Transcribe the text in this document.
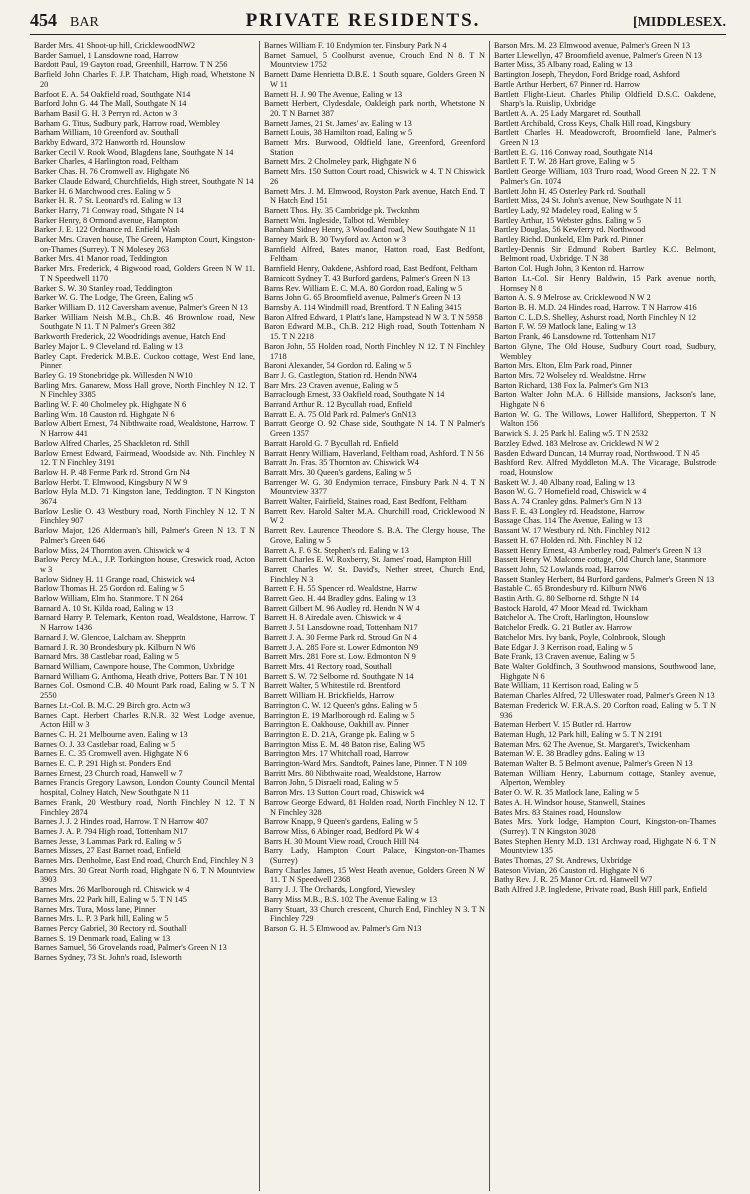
454 BAR	PRIVATE RESIDENTS.	[MIDDLESEX.

Barder Mrs. 41 Shoot-up hill, CricklewoodNW2

Barder Samuel, 1 Lansdowne road, Harrow

Bardott Paul, 19 Gayton road, Greenhill, Harrow. T N 256

Barfield John Charles F. J.P. Thatcham, High road, Whetstone N 20

Barfoot E. A. 54 Oakfield road, Southgate N14

Barford John G. 44 The Mall, Southgate N 14

Barham Basil G. H. 3 Perryn rd. Acton w 3

Barham G. Titus, Sudbury park, Harrow road, Wembley

Barham William, 10 Greenford av. Southall

Barkby Edward, 372 Hanworth rd. Hounslow

Barker Cecil V. Rook Wood, Blagdens lane, Southgate N 14

Barker Charles, 4 Harlington road, Feltham

Barker Chas. H. 76 Cromwell av. Highgate N6

Barker Claude Edward, Churchfields, High street, Southgate N 14

Barker H. 6 Marchwood cres. Ealing w 5

Barker H. R. 7 St. Leonard's rd. Ealing w 13

Barker Harry, 71 Conway road, Sthgate N 14

Barker Henry, 8 Ormond avenue, Hampton

Barker J. E. 122 Ordnance rd. Enfield Wash

Barker Mrs. Craven house, The Green, Hampton Court, Kingston-on-Thames (Surrey). T N Molesey 263

Barker Mrs. 41 Manor road, Teddington

Barker Mrs. Frederick, 4 Bigwood road, Golders Green N W 11. T N Speedwell 1170

Barker S. W. 30 Stanley road, Teddington

Barker W. G. The Lodge, The Green, Ealing w5

Barker William D. 112 Caversham avenue, Palmer's Green N 13

Barker William Neish M.B., Ch.B. 46 Brownlow road, New Southgate N 11. T N Palmer's Green 382

Barkworth Frederick, 22 Woodridings avenue, Hatch End

Barley Major L. 9 Cleveland rd. Ealing w 13

Barley Capt. Frederick M.B.E. Cuckoo cottage, West End lane, Pinner

Barley G. 19 Stonebridge pk. Willesden N W10

Barling Mrs. Ganarew, Moss Hall grove, North Finchley N 12. T N Finchley 3385

Barling W. F. 40 Cholmeley pk. Highgate N 6

Barling Wm. 18 Causton rd. Highgate N 6

Barlow Albert Ernest, 74 Nibthwaite road, Wealdstone, Harrow. T N Harrow 441

Barlow Alfred Charles, 25 Shackleton rd. Sthll

Barlow Ernest Edward, Fairmead, Woodside av. Nth. Finchley N 12. T N Finchley 3191

Barlow H. P. 48 Ferme Park rd. Strond Grn N4

Barlow Herbt. T. Elmwood, Kingsbury N W 9

Barlow Hyla M.D. 71 Kingston lane, Teddington. T N Kingston 3674

Barlow Leslie O. 43 Westbury road, North Finchley N 12. T N Finchley 907

Barlow Major, 126 Alderman's hill, Palmer's Green N 13. T N Palmer's Green 646

Barlow Miss, 24 Thornton aven. Chiswick w 4

Barlow Percy M.A., J.P. Torkington house, Creswick road, Acton w 3

Barlow Sidney H. 11 Grange road, Chiswick w4

Barlow Thomas H. 25 Gordon rd. Ealing w 5

Barlow William, Elm ho. Stanmore. T N 264

Barnard A. 10 St. Kilda road, Ealing w 13

Barnard Harry P. Telemark, Kenton road, Wealdstone, Harrow. T N Harrow 1436

Barnard J. W. Glencoe, Lalcham av. Shepprtn

Barnard J. R. 30 Brondesbury pk. Kilburn N W6

Barnard Mrs. 38 Castlebar road, Ealing w 5

Barnard William, Cawnpore house, The Common, Uxbridge

Barnard William G. Anthoma, Heath drive, Potters Bar. T N 101

Barnes Col. Osmond C.B. 40 Mount Park road, Ealing w 5. T N 2550

Barnes Lt.-Col. B. M.C. 29 Birch gro. Actn w3

Barnes Capt. Herbert Charles R.N.R. 32 West Lodge avenue, Acton Hill w 3

Barnes C. H. 21 Melbourne aven. Ealing w 13

Barnes O. J. 33 Castlebar road, Ealing w 5

Barnes E. C. 35 Cromwell aven. Highgate N 6

Barnes E. C. P. 291 High st. Ponders End

Barnes Ernest, 23 Church road, Hanwell w 7

Barnes Francis Gregory Lawson, London County Council Mental hospital, Colney Hatch, New Southgate N 11

Barnes Frank, 20 Westbury road, North Finchley N 12. T N Finchley 2874

Barnes J. J. 2 Hindes road, Harrow. T N Harrow 407

Barnes J. A. P. 794 High road, Tottenham N17

Barnes Jesse, 3 Lammas Park rd. Ealing w 5

Barnes Misses, 27 East Barnet road, Enfield

Barnes Mrs. Denholme, East End road, Church End, Finchley N 3

Barnes Mrs. 30 Great North road, Highgate N 6. T N Mountview 3903

Barnes Mrs. 26 Marlborough rd. Chiswick w 4

Barnes Mrs. 22 Park hill, Ealing w 5. T N 145

Barnes Mrs. Tura, Moss lane, Pinner

Barnes Mrs. L. P. 3 Park hill, Ealing w 5

Barnes Percy Gabriel, 30 Rectory rd. Southall

Barnes S. 19 Denmark road, Ealing w 13

Barnes Samuel, 56 Grovelands road, Palmer's Green N 13

Barnes Sydney, 73 St. John's road, Isleworth

Barnes William F. 10 Endymion ter. Finsbury Park N 4

Barnet Samuel, 5 Coolhurst avenue, Crouch End N 8. T N Mountview 1752

Barnett Dame Henrietta D.B.E. 1 South square, Golders Green N W 11

Barnett H. J. 90 The Avenue, Ealing w 13

Barnett Herbert, Clydesdale, Oakleigh park north, Whetstone N 20. T N Barnet 387

Barnett James, 21 St. James' av. Ealing w 13

Barnett Louis, 38 Hamilton road, Ealing w 5

Barnett Mrs. Burwood, Oldfield lane, Greenford, Greenford Station

Barnett Mrs. 2 Cholmeley park, Highgate N 6

Barnett Mrs. 150 Sutton Court road, Chiswick w 4. T N Chiswick 26

Barnett Mrs. J. M. Elmwood, Royston Park avenue, Hatch End. T N Hatch End 151

Barnett Thos. Hy. 35 Cambridge pk. Twcknhm

Barnett Wm. Ingleside, Talbot rd. Wembley

Barnham Sidney Henry, 3 Woodland road, New Southgate N 11

Barney Mark B. 30 Twyford av. Acton w 3

Barnfield Alfred, Bates manor, Hatton road, East Bedfont, Feltham

Barnfield Henry, Oakdene, Ashford road, East Bedfont, Feltham

Barnicott Sydney T. 43 Burford gardens, Palmer's Green N 13

Barns Rev. William E. C. M.A. 80 Gordon road, Ealing w 5

Barns John G. 65 Broomfield avenue, Palmer's Green N 13

Barnsby A. 114 Windmill road, Brentford. T N Ealing 3415

Baron Alfred Edward, 1 Platt's lane, Hampstead N W 3. T N 5958

Baron Edward M.B., Ch.B. 212 High road, South Tottenham N 15. T N 2218

Baron John, 55 Holden road, North Finchley N 12. T N Finchley 1718

Baroni Alexander, 54 Gordon rd. Ealing w 5

Barr J. G. Castlegton, Station rd. Hendn NW4

Barr Mrs. 23 Craven avenue, Ealing w 5

Barraclough Ernest, 33 Oakfield road, Southgate N 14

Barrand Arthur R. 12 Bycullah road, Enfield

Barratt E. A. 75 Old Park rd. Palmer's GnN13

Barratt George O. 92 Chase side, Southgate N 14. T N Palmer's Green 1357

Barratt Harold G. 7 Bycullah rd. Enfield

Barratt Henry William, Haverland, Feltham road, Ashford. T N 56

Barratt Jn. Fras. 35 Thornton av. Chiswick W4

Barratt Mrs. 30 Queen's gardens, Ealing w 5

Barrenger W. G. 30 Endymion terrace, Finsbury Park N 4. T N Mountview 3377

Barrett Walter, Fairfield, Staines road, East Bedfont, Feltham

Barrett Rev. Harold Salter M.A. Churchill road, Cricklewood N W 2

Barrett Rev. Laurence Theodore S. B.A. The Clergy house, The Grove, Ealing w 5

Barrett A. F. 6 St. Stephen's rd. Ealing w 13

Barrett Charles E. W. Roxberry, St. James' road, Hampton Hill

Barrett Charles W. St. David's, Nether street, Church End, Finchley N 3

Barrett F. H. 55 Spencer rd. Wealdstne, Harrw

Barrett Geo. H. 44 Bradley gdns. Ealing w 13

Barrett Gilbert M. 96 Audley rd. Hendn N W 4

Barrett H. 8 Airedale aven. Chiswick w 4

Barrett J. 51 Lansdowne road, Tottenham N17

Barrett J. A. 30 Ferme Park rd. Stroud Gn N 4

Barrett J. A. 285 Fore st. Lower Edmonton N9

Barrett Mrs. 281 Fore st. Low. Edmonton N 9

Barrett Mrs. 41 Rectory road, Southall

Barrett S. W. 72 Selborne rd. Southgate N 14

Barrett Walter, 5 Whitestile rd. Brentford

Barrett William H. Brickfields, Harrow

Barrington C. W. 12 Queen's gdns. Ealing w 5

Barrington E. 19 Marlborough rd. Ealing w 5

Barrington E. Oakhouse, Oakhill av. Pinner

Barrington E. D. 21A, Grange pk. Ealing w 5

Barrington Miss E. M. 48 Baton rise, Ealing W5

Barrington Mrs. 17 Whitchall road, Harrow

Barrington-Ward Mrs. Sandtoft, Paines lane, Pinner. T N 109

Barritt Mrs. 80 Nibthwaite road, Wealdstone, Harrow

Barron John, 5 Disraeli road, Ealing w 5

Barron Mrs. 13 Sutton Court road, Chiswick w4

Barrow George Edward, 81 Holden road, North Finchley N 12. T N Finchley 328

Barrow Knapp, 9 Queen's gardens, Ealing w 5

Barrow Miss, 6 Abinger road, Bedford Pk W 4

Barrs H. 30 Mount View road, Crouch Hill N4

Barry Lady, Hampton Court Palace, Kingston-on-Thames (Surrey)

Barry Charles James, 15 West Heath avenue, Golders Green N W 11. T N Speedwell 2368

Barry J. J. The Orchards, Longford, Yiewsley

Barry Miss M.B., B.S. 102 The Avenue Ealing w 13

Barry Stuart, 33 Church crescent, Church End, Finchley N 3. T N Finchley 729

Barson G. H. 5 Elmwood av. Palmer's Grn N13

Barson Mrs. M. 23 Elmwood avenue, Palmer's Green N 13

Barter Llewellyn, 47 Broomfield avenue, Palmer's Green N 13

Barter Miss, 35 Albany road, Ealing w 13

Bartington Joseph, Theydon, Ford Bridge road, Ashford

Bartle Arthur Herbert, 67 Pinner rd. Harrow

Bartlett Flight-Lieut. Charles Philip Oldfield D.S.C. Oakdene, Sharp's la. Ruislip, Uxbridge

Bartlett A. A. 25 Lady Margaret rd. Southall

Bartlett Archibald, Cross Keys, Chalk Hill road, Kingsbury

Bartlett Charles H. Meadowcroft, Broomfield lane, Palmer's Green N 13

Bartlett E. G. 116 Conway road, Southgate N14

Bartlett F. T. W. 28 Hart grove, Ealing w 5

Bartlett George William, 103 Truro road, Wood Green N 22. T N Palmer's Gn. 1074

Bartlett John H. 45 Osterley Park rd. Southall

Bartlett Miss, 24 St. John's avenue, New Southgate N 11

Bartley Lady, 92 Madeley road, Ealing w 5

Bartley Arthur, 15 Webster gdns. Ealing w 5

Bartley Douglas, 56 Kewferry rd. Northwood

Bartley Richd. Dunkeld, Elm Park rd. Pinner

Bartley-Dennis Sir Edmund Robert Bartley K.C. Belmont, Belmont road, Uxbridge. T N 38

Barton Col. Hugh John, 3 Kenton rd. Harrow

Barton Lt.-Col. Sir Henry Baldwin, 15 Park avenue north, Hornsey N 8

Barton A. S. 9 Melrose av. Cricklewood N W 2

Barton B. H. M.D. 24 Hindes road, Harrow. T N Harrow 416

Barton C. L.D.S. Shelley, Ashurst road, North Finchley N 12

Barton F. W. 59 Matlock lane, Ealing w 13

Barton Frank, 46 Lansdowne rd. Tottenham N17

Barton Glyne, The Old House, Sudbury Court road, Sudbury, Wembley

Barton Mrs. Elton, Elm Park road, Pinner

Barton Mrs. 72 Wolseley rd. Wealdstne. Hrrw

Barton Richard, 138 Fox la. Palmer's Grn N13

Barton Walter John M.A. 6 Hillside mansions, Jackson's lane, Highgate N 6

Barton W. G. The Willows, Lower Halliford, Shepperton. T N Walton 156

Barwick S. J. 25 Park hl. Ealing w5. T N 2532

Barzley Edwd. 183 Melrose av. Cricklewd N W 2

Basden Edward Duncan, 14 Murray road, Northwood. T N 45

Bashford Rev. Alfred Myddleton M.A. The Vicarage, Bulstrode road, Hounslow

Baskett W. J. 40 Albany road, Ealing w 13

Bason W. G. 7 Homefield road, Chiswick w 4

Bass A. 74 Cranley gdns. Palmer's Grn N 13

Bass F. E. 43 Longley rd. Headstone, Harrow

Bassage Chas. 114 The Avenue, Ealing w 13

Bassant W. 17 Westbury rd. Nth. Finchley N12

Bassett H. 67 Holden rd. Nth. Finchley N 12

Bassett Henry Ernest, 43 Amberley road, Palmer's Green N 13

Bassett Henry W. Malcome cottage, Old Church lane, Stanmore

Bassett John, 52 Lowlands road, Harrow

Bassett Stanley Herbert, 84 Burford gardens, Palmer's Green N 13

Bastable C. 65 Brondesbury rd. Kilburn NW6

Bastin Arth. G. 80 Selborne rd. Sthgte N 14

Bastock Harold, 47 Moor Mead rd. Twickham

Batchelor A. The Croft, Harlington, Hounslow

Batchelor Fredk. G. 21 Butler av. Harrow

Batchelor Mrs. Ivy bank, Poyle, Colnbrook, Slough

Bate Edgar J. 3 Kerrison road, Ealing w 5

Bate Frank, 13 Craven avenue, Ealing w 5

Bate Walter Goldfinch, 3 Southwood mansions, Southwood lane, Highgate N 6

Bate William, 11 Kerrison road, Ealing w 5

Bateman Charles Alfred, 72 Ulleswater road, Palmer's Green N 13

Bateman Frederick W. F.R.A.S. 20 Corfton road, Ealing w 5. T N 936

Bateman Herbert V. 15 Butler rd. Harrow

Bateman Hugh, 12 Park hill, Ealing w 5. T N 2191

Bateman Mrs. 62 The Avenue, St. Margaret's, Twickenham

Bateman W. E. 38 Bradley gdns. Ealing w 13

Bateman Walter B. 5 Belmont avenue, Palmer's Green N 13

Bateman William Henry, Laburnum cottage, Stanley avenue, Alperton, Wembley

Bater O. W. R. 35 Matlock lane, Ealing w 5

Bates A. H. Windsor house, Stanwell, Staines

Bates Mrs. 83 Staines road, Hounslow

Bates Mrs. York lodge, Hampton Court, Kingston-on-Thames (Surrey). T N Kingston 3028

Bates Stephen Henry M.D. 131 Archway road, Highgate N 6. T N Mountview 135

Bates Thomas, 27 St. Andrews, Uxbridge

Bateson Vivian, 26 Causton rd. Highgate N 6

Bathy Rev. J. R. 25 Manor Crt. rd. Hanwell W7

Bath Alfred J.P. Ingledene, Private road, Bush Hill park, Enfield
